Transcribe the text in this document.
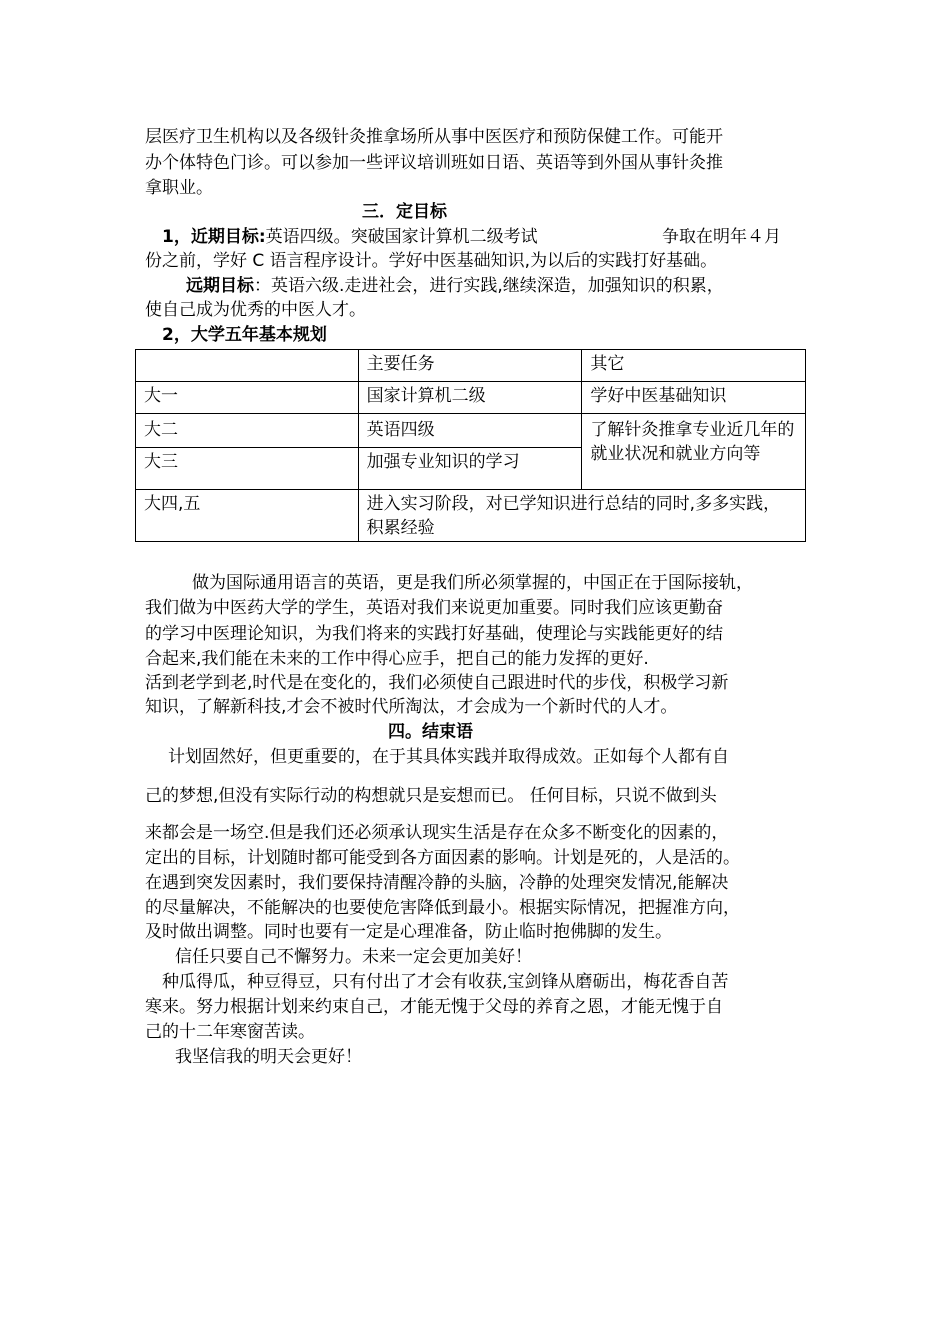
层医疗卫生机构以及各级针灸推拿场所从事中医医疗和预防保健工作。可能开
办个体特色门诊。可以参加一些评议培训班如日语、英语等到外国从事针灸推
拿职业。
三．定目标
1，近期目标:英语四级。突破国家计算机二级考试	争取在明年４月
份之前，学好 C 语言程序设计。学好中医基础知识,为以后的实践打好基础。
远期目标：英语六级.走进社会，进行实践,继续深造，加强知识的积累，
使自己成为优秀的中医人才。
2，大学五年基本规划
	主要任务	其它
大一	国家计算机二级	学好中医基础知识
大二	英语四级	了解针灸推拿专业近几年的就业状况和就业方向等
大三	加强专业知识的学习	
大四,五	进入实习阶段，对已学知识进行总结的同时,多多实践，积累经验	
做为国际通用语言的英语，更是我们所必须掌握的，中国正在于国际接轨，
我们做为中医药大学的学生，英语对我们来说更加重要。同时我们应该更勤奋
的学习中医理论知识，为我们将来的实践打好基础，使理论与实践能更好的结
合起来,我们能在未来的工作中得心应手，把自己的能力发挥的更好.
活到老学到老,时代是在变化的，我们必须使自己跟进时代的步伐，积极学习新
知识，了解新科技,才会不被时代所淘汰，才会成为一个新时代的人才。
四。结束语
计划固然好，但更重要的，在于其具体实践并取得成效。正如每个人都有自
己的梦想,但没有实际行动的构想就只是妄想而已。 任何目标，只说不做到头
来都会是一场空.但是我们还必须承认现实生活是存在众多不断变化的因素的，
定出的目标，计划随时都可能受到各方面因素的影响。计划是死的，人是活的。
在遇到突发因素时，我们要保持清醒冷静的头脑，冷静的处理突发情况,能解决
的尽量解决，不能解决的也要使危害降低到最小。根据实际情况，把握准方向，
及时做出调整。同时也要有一定是心理准备，防止临时抱佛脚的发生。
信任只要自己不懈努力。未来一定会更加美好！
种瓜得瓜，种豆得豆，只有付出了才会有收获,宝剑锋从磨砺出，梅花香自苦
寒来。努力根据计划来约束自己，才能无愧于父母的养育之恩，才能无愧于自
己的十二年寒窗苦读。
我坚信我的明天会更好！
